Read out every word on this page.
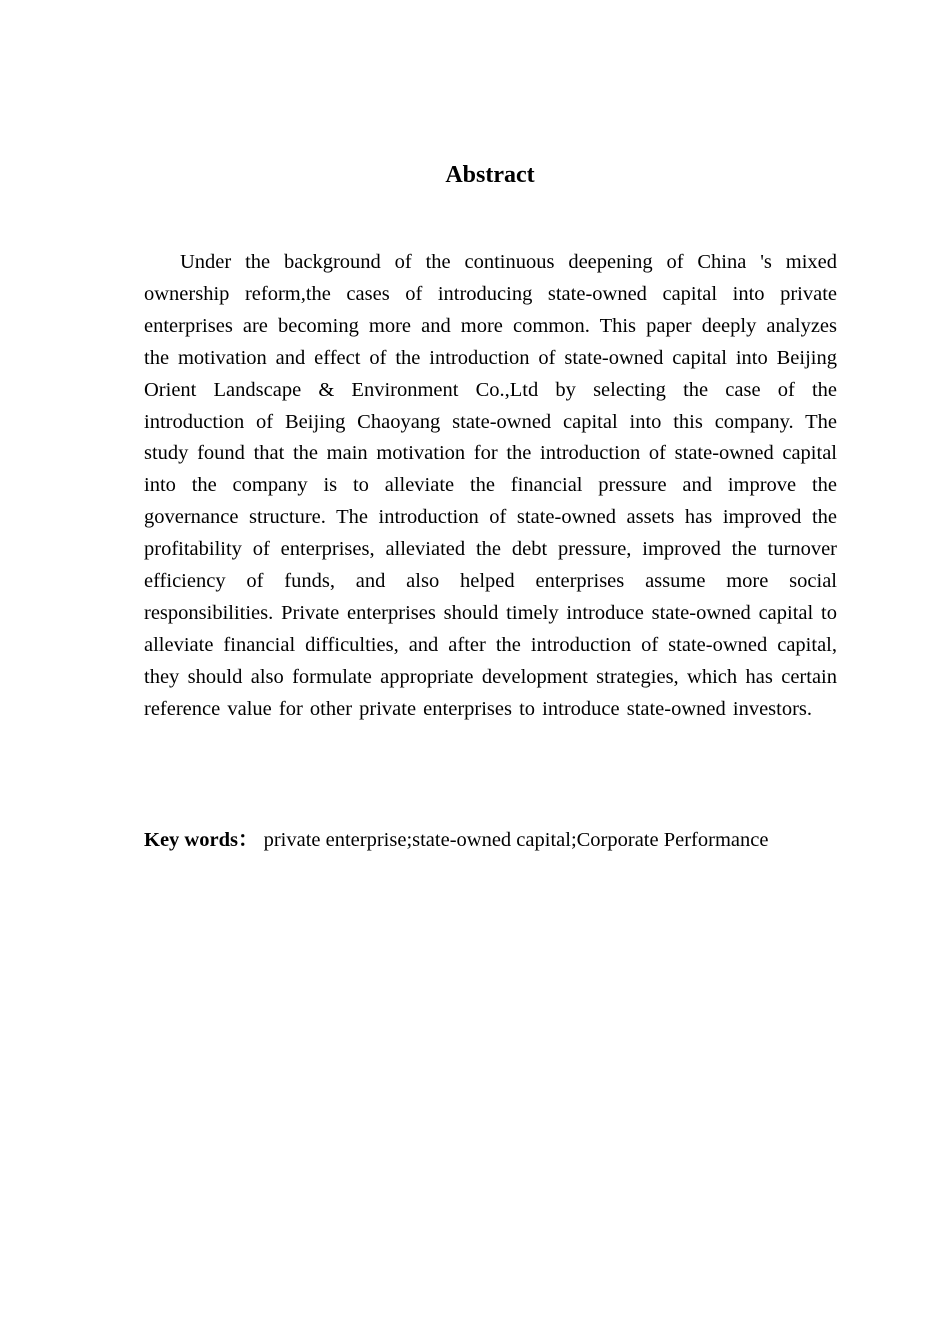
Abstract

Under the background of the continuous deepening of China 's mixed ownership reform,the cases of introducing state-owned capital into private enterprises are becoming more and more common. This paper deeply analyzes the motivation and effect of the introduction of state-owned capital into Beijing Orient Landscape & Environment Co.,Ltd by selecting the case of the introduction of Beijing Chaoyang state-owned capital into this company. The study found that the main motivation for the introduction of state-owned capital into the company is to alleviate the financial pressure and improve the governance structure. The introduction of state-owned assets has improved the profitability of enterprises, alleviated the debt pressure, improved the turnover efficiency of funds, and also helped enterprises assume more social responsibilities. Private enterprises should timely introduce state-owned capital to alleviate financial difficulties, and after the introduction of state-owned capital, they should also formulate appropriate development strategies, which has certain reference value for other private enterprises to introduce state-owned investors.

Key words： private enterprise;state-owned capital;Corporate Performance
